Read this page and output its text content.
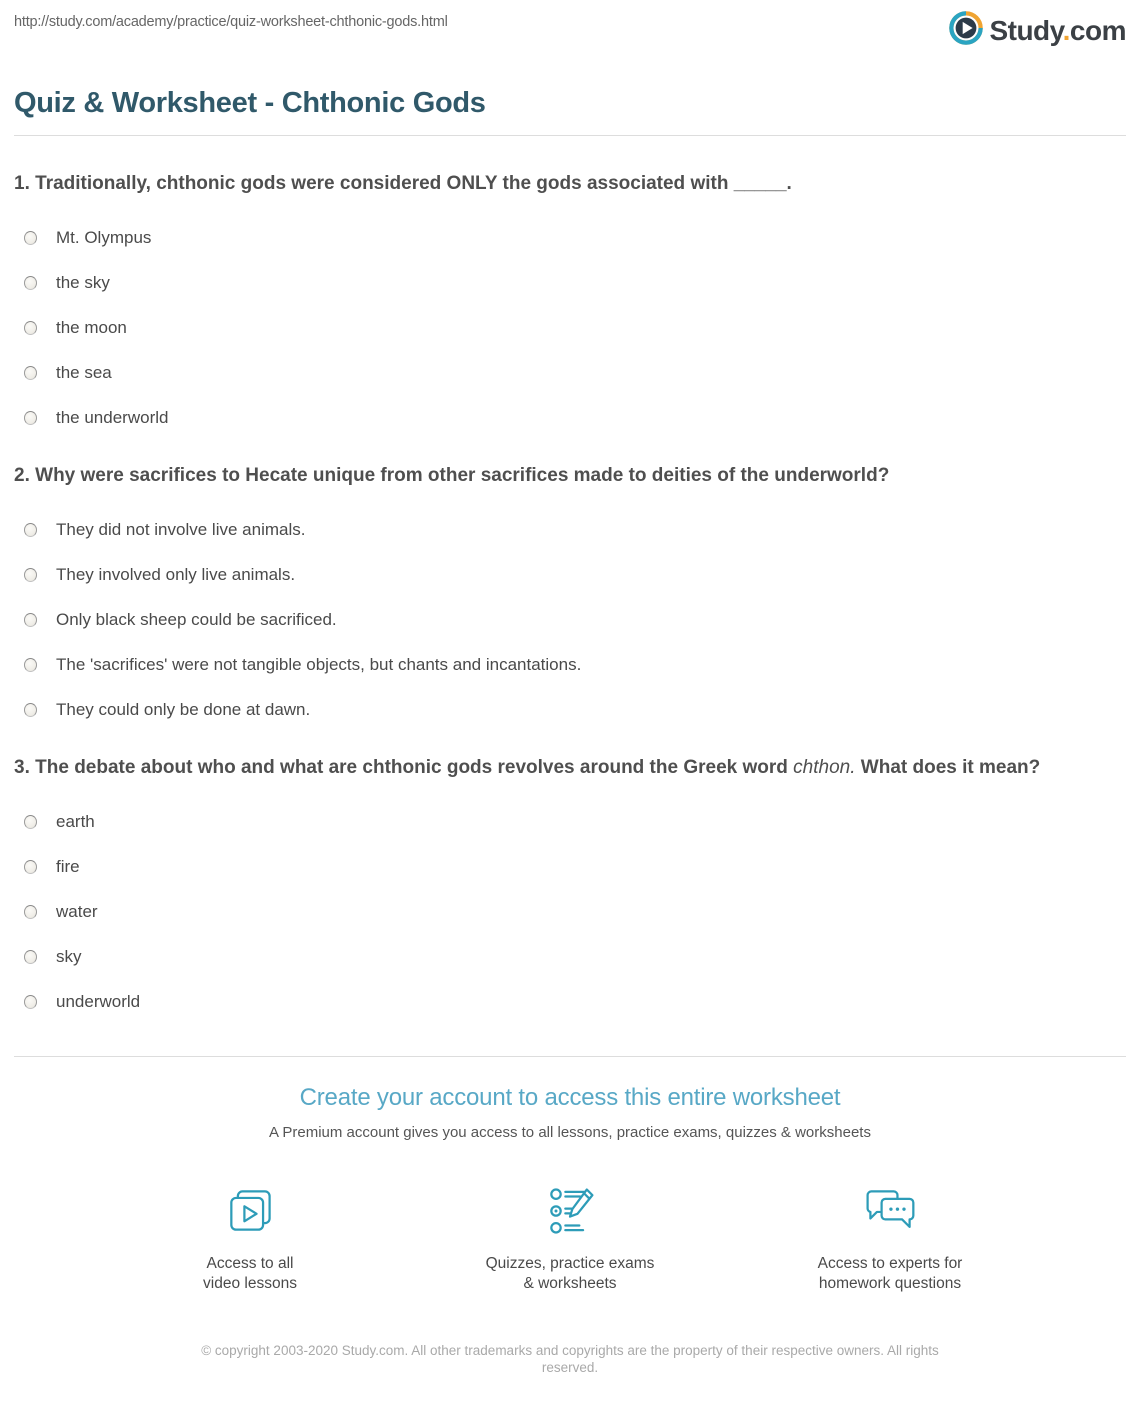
http://study.com/academy/practice/quiz-worksheet-chthonic-gods.html	Study.com
Quiz & Worksheet - Chthonic Gods
1. Traditionally, chthonic gods were considered ONLY the gods associated with _____.
Mt. Olympus
the sky
the moon
the sea
the underworld
2. Why were sacrifices to Hecate unique from other sacrifices made to deities of the underworld?
They did not involve live animals.
They involved only live animals.
Only black sheep could be sacrificed.
The 'sacrifices' were not tangible objects, but chants and incantations.
They could only be done at dawn.
3. The debate about who and what are chthonic gods revolves around the Greek word chthon. What does it mean?
earth
fire
water
sky
underworld
Create your account to access this entire worksheet
A Premium account gives you access to all lessons, practice exams, quizzes & worksheets
Access to all
video lessons
Quizzes, practice exams
& worksheets
Access to experts for
homework questions
© copyright 2003-2020 Study.com. All other trademarks and copyrights are the property of their respective owners. All rights reserved.
